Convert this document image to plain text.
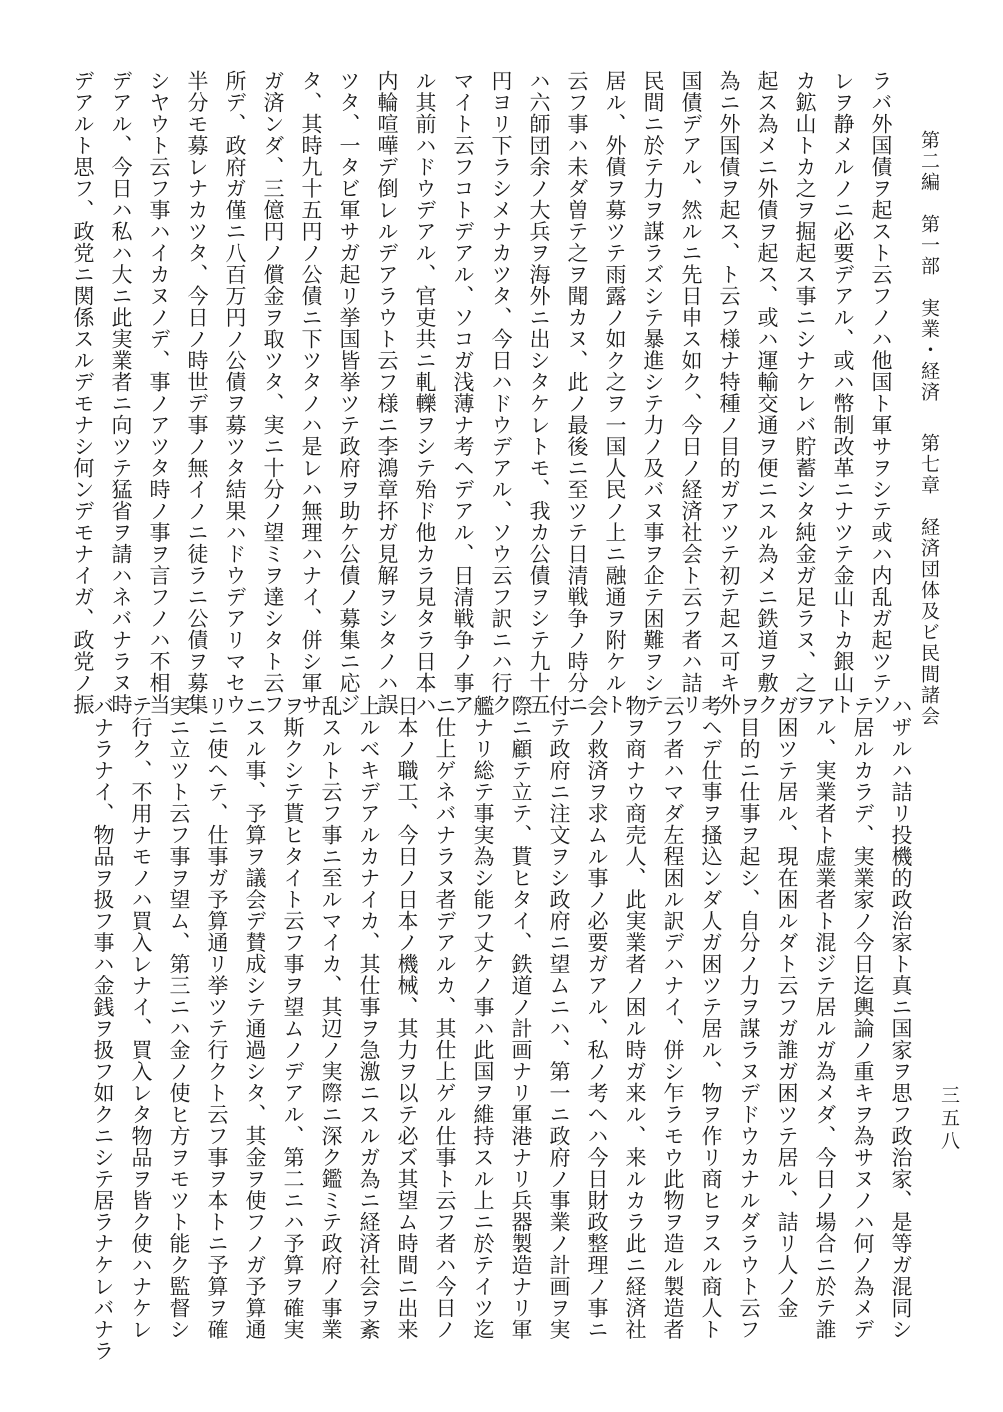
第二編　第一部　実業・経済 第七章　経済団体及ビ民間諸会
三五八
ラバ外国債ヲ起スト云フノハ他国ト軍サヲシテ或ハ内乱ガ起ツテソ
レヲ静メルノニ必要デアル、或ハ幣制改革ニナツテ金山トカ銀山ト
カ鉱山トカ之ヲ掘起ス事ニシナケレバ貯蓄シタ純金ガ足ラヌ、之ヲ
起ス為メニ外債ヲ起ス、或ハ運輸交通ヲ便ニスル為メニ鉄道ヲ敷ク
為ニ外国債ヲ起ス、ト云フ様ナ特種ノ目的ガアツテ初テ起ス可キ外
国債デアル、然ルニ先日申ス如ク、今日ノ経済社会ト云フ者ハ詰リ
民間ニ於テ力ヲ謀ラズシテ暴進シテ力ノ及バヌ事ヲ企テ困難ヲシテ
居ル、外債ヲ募ツテ雨露ノ如ク之ヲ一国人民ノ上ニ融通ヲ附ケルト
云フ事ハ未ダ曽テ之ヲ聞カヌ、此ノ最後ニ至ツテ日清戦争ノ時分ニ
ハ六師団余ノ大兵ヲ海外ニ出シタケレトモ、我カ公債ヲシテ九十五
円ヨリ下ラシメナカツタ、今日ハドウデアル、ソウ云フ訳ニハ行ク
マイト云フコトデアル、ソコガ浅薄ナ考ヘデアル、日清戦争ノ事ア
ル其前ハドウデアル、官吏共ニ軋轢ヲシテ殆ド他カラ見タラ日本ハ
内輪喧嘩デ倒レルデアラウト云フ様ニ李鴻章抔ガ見解ヲシタノハ誤
ツタ、一タビ軍サガ起リ挙国皆挙ツテ政府ヲ助ケ公債ノ募集ニ応ジ
タ、其時九十五円ノ公債ニ下ツタノハ是レハ無理ハナイ、併シ軍サ
ガ済ンダ、三億円ノ償金ヲ取ツタ、実ニ十分ノ望ミヲ達シタト云フ
所デ、政府ガ僅ニ八百万円ノ公債ヲ募ツタ結果ハドウデアリマセウ
半分モ募レナカツタ、今日ノ時世デ事ノ無イノニ徒ラニ公債ヲ募集
シヤウト云フ事ハイカヌノデ、事ノアツタ時ノ事ヲ言フノハ不相当
デアル、今日ハ私ハ大ニ此実業者ニ向ツテ猛省ヲ請ハネバナラヌ時
デアルト思フ、政党ニ関係スルデモナシ何ンデモナイガ、政党ノ振
ハザルハ詰リ投機的政治家ト真ニ国家ヲ思フ政治家、是等ガ混同シ
テ居ルカラデ、実業家ノ今日迄輿論ノ重キヲ為サヌノハ何ノ為メデ
アル、実業者ト虚業者ト混ジテ居ルガ為メダ、今日ノ場合ニ於テ誰
ガ困ツテ居ル、現在困ルダト云フガ誰ガ困ツテ居ル、詰リ人ノ金
ヲ目的ニ仕事ヲ起シ、自分ノ力ヲ謀ラヌデドウカナルダラウト云フ
考ヘデ仕事ヲ搔込ンダ人ガ困ツテ居ル、物ヲ作リ商ヒヲスル商人ト
云フ者ハマダ左程困ル訳デハナイ、併シ乍ラモウ此物ヲ造ル製造者
物ヲ商ナウ商売人、此実業者ノ困ル時ガ来ル、来ルカラ此ニ経済社
会ノ救済ヲ求ムル事ノ必要ガアル、私ノ考ヘハ今日財政整理ノ事ニ
付テ政府ニ注文ヲシ政府ニ望ムニハ、第一ニ政府ノ事業ノ計画ヲ実
際ニ顧テ立テ、貰ヒタイ、鉄道ノ計画ナリ軍港ナリ兵器製造ナリ軍
艦ナリ総テ事実為シ能フ丈ケノ事ハ此国ヲ維持スル上ニ於テイツ迄
ニ仕上ゲネバナラヌ者デアルカ、其仕上ゲル仕事ト云フ者ハ今日ノ
日本ノ職工、今日ノ日本ノ機械、其力ヲ以テ必ズ其望ム時間ニ出来
上ルベキデアルカナイカ、其仕事ヲ急激ニスルガ為ニ経済社会ヲ紊
乱スルト云フ事ニ至ルマイカ、其辺ノ実際ニ深ク鑑ミテ政府ノ事業
ヲ斯クシテ貰ヒタイト云フ事ヲ望ムノデアル、第二ニハ予算ヲ確実
ニスル事、予算ヲ議会デ賛成シテ通過シタ、其金ヲ使フノガ予算通
リニ使ヘテ、仕事ガ予算通リ挙ツテ行クト云フ事ヲ本トニ予算ヲ確
実ニ立ツト云フ事ヲ望ム、第三ニハ金ノ使ヒ方ヲモツト能ク監督シ
テ行ク、不用ナモノハ買入レナイ、買入レタ物品ヲ皆ク使ハナケレ
バナラナイ、物品ヲ扱フ事ハ金銭ヲ扱フ如クニシテ居ラナケレバナラ
